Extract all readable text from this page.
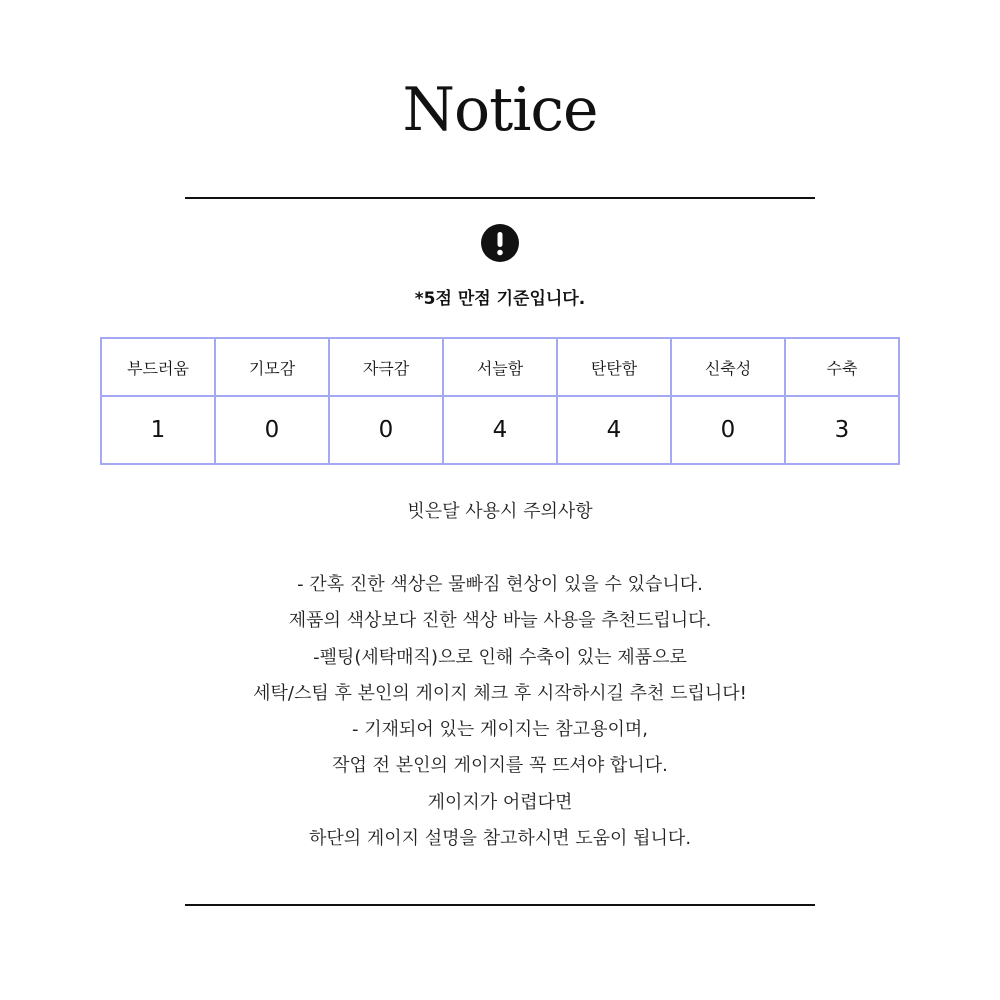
Notice
*5점 만점 기준입니다.
부드러움	기모감	자극감	서늘함	탄탄함	신축성	수축
1	0	0	4	4	0	3
빗은달 사용시 주의사항
- 간혹 진한 색상은 물빠짐 현상이 있을 수 있습니다.
제품의 색상보다 진한 색상 바늘 사용을 추천드립니다.
-펠팅(세탁매직)으로 인해 수축이 있는 제품으로
세탁/스팀 후 본인의 게이지 체크 후 시작하시길 추천 드립니다!
- 기재되어 있는 게이지는 참고용이며,
작업 전 본인의 게이지를 꼭 뜨셔야 합니다.
게이지가 어렵다면
하단의 게이지 설명을 참고하시면 도움이 됩니다.
